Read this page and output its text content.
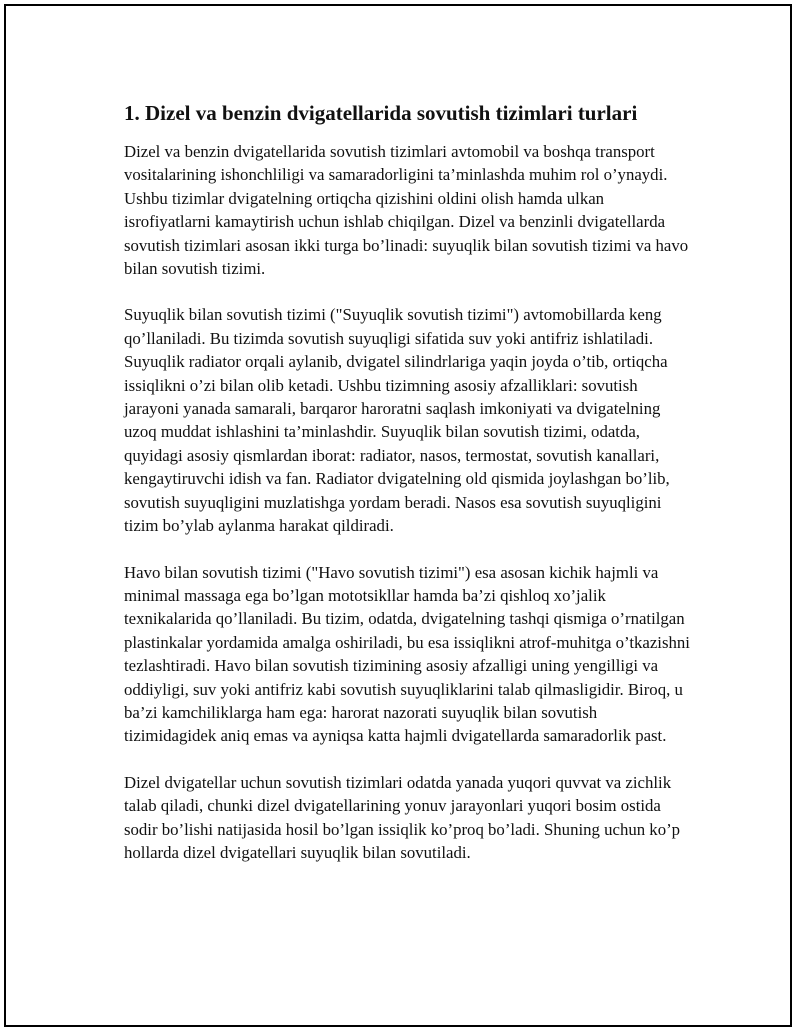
1. Dizel va benzin dvigatellarida sovutish tizimlari turlari

Dizel va benzin dvigatellarida sovutish tizimlari avtomobil va boshqa transport vositalarining ishonchliligi va samaradorligini ta’minlashda muhim rol o’ynaydi. Ushbu tizimlar dvigatelning ortiqcha qizishini oldini olish hamda ulkan isrofiyatlarni kamaytirish uchun ishlab chiqilgan. Dizel va benzinli dvigatellarda sovutish tizimlari asosan ikki turga bo’linadi: suyuqlik bilan sovutish tizimi va havo bilan sovutish tizimi.

Suyuqlik bilan sovutish tizimi ("Suyuqlik sovutish tizimi") avtomobillarda keng qo’llaniladi. Bu tizimda sovutish suyuqligi sifatida suv yoki antifriz ishlatiladi. Suyuqlik radiator orqali aylanib, dvigatel silindrlariga yaqin joyda o’tib, ortiqcha issiqlikni o’zi bilan olib ketadi. Ushbu tizimning asosiy afzalliklari: sovutish jarayoni yanada samarali, barqaror haroratni saqlash imkoniyati va dvigatelning uzoq muddat ishlashini ta’minlashdir. Suyuqlik bilan sovutish tizimi, odatda, quyidagi asosiy qismlardan iborat: radiator, nasos, termostat, sovutish kanallari, kengaytiruvchi idish va fan. Radiator dvigatelning old qismida joylashgan bo’lib, sovutish suyuqligini muzlatishga yordam beradi. Nasos esa sovutish suyuqligini tizim bo’ylab aylanma harakat qildiradi.

Havo bilan sovutish tizimi ("Havo sovutish tizimi") esa asosan kichik hajmli va minimal massaga ega bo’lgan mototsikllar hamda ba’zi qishloq xo’jalik texnikalarida qo’llaniladi. Bu tizim, odatda, dvigatelning tashqi qismiga o’rnatilgan plastinkalar yordamida amalga oshiriladi, bu esa issiqlikni atrof-muhitga o’tkazishni tezlashtiradi. Havo bilan sovutish tizimining asosiy afzalligi uning yengilligi va oddiyligi, suv yoki antifriz kabi sovutish suyuqliklarini talab qilmasligidir. Biroq, u ba’zi kamchiliklarga ham ega: harorat nazorati suyuqlik bilan sovutish tizimidagidek aniq emas va ayniqsa katta hajmli dvigatellarda samaradorlik past.

Dizel dvigatellar uchun sovutish tizimlari odatda yanada yuqori quvvat va zichlik talab qiladi, chunki dizel dvigatellarining yonuv jarayonlari yuqori bosim ostida sodir bo’lishi natijasida hosil bo’lgan issiqlik ko’proq bo’ladi. Shuning uchun ko’p hollarda dizel dvigatellari suyuqlik bilan sovutiladi.
